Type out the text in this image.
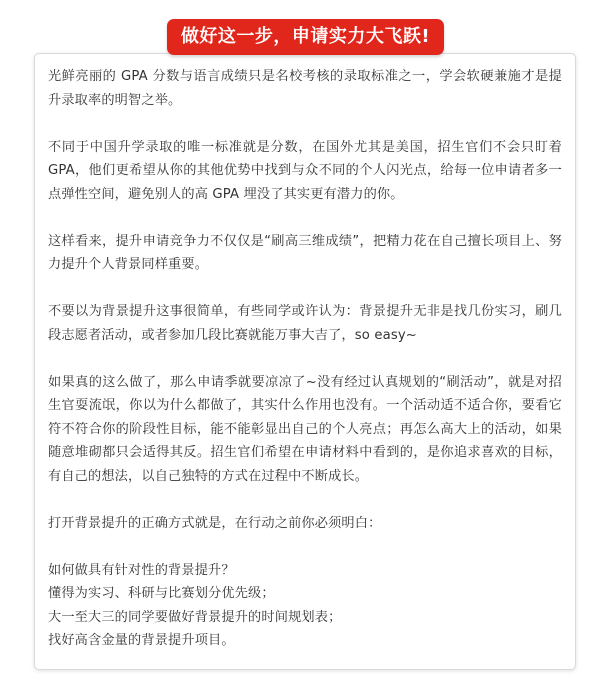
做好这一步，申请实力大飞跃!

光鲜亮丽的 GPA 分数与语言成绩只是名校考核的录取标准之一，学会软硬兼施才是提升录取率的明智之举。

不同于中国升学录取的唯一标准就是分数，在国外尤其是美国，招生官们不会只盯着 GPA，他们更希望从你的其他优势中找到与众不同的个人闪光点，给每一位申请者多一点弹性空间，避免别人的高 GPA 埋没了其实更有潜力的你。

这样看来，提升申请竞争力不仅仅是“刷高三维成绩”，把精力花在自己擅长项目上、努力提升个人背景同样重要。

不要以为背景提升这事很简单，有些同学或许认为：背景提升无非是找几份实习，刷几段志愿者活动，或者参加几段比赛就能万事大吉了，so easy~

如果真的这么做了，那么申请季就要凉凉了~没有经过认真规划的“刷活动”，就是对招生官耍流氓，你以为什么都做了，其实什么作用也没有。一个活动适不适合你，要看它符不符合你的阶段性目标，能不能彰显出自己的个人亮点；再怎么高大上的活动，如果随意堆砌都只会适得其反。招生官们希望在申请材料中看到的，是你追求喜欢的目标，有自己的想法，以自己独特的方式在过程中不断成长。

打开背景提升的正确方式就是，在行动之前你必须明白：

如何做具有针对性的背景提升？
懂得为实习、科研与比赛划分优先级；
大一至大三的同学要做好背景提升的时间规划表；
找好高含金量的背景提升项目。
